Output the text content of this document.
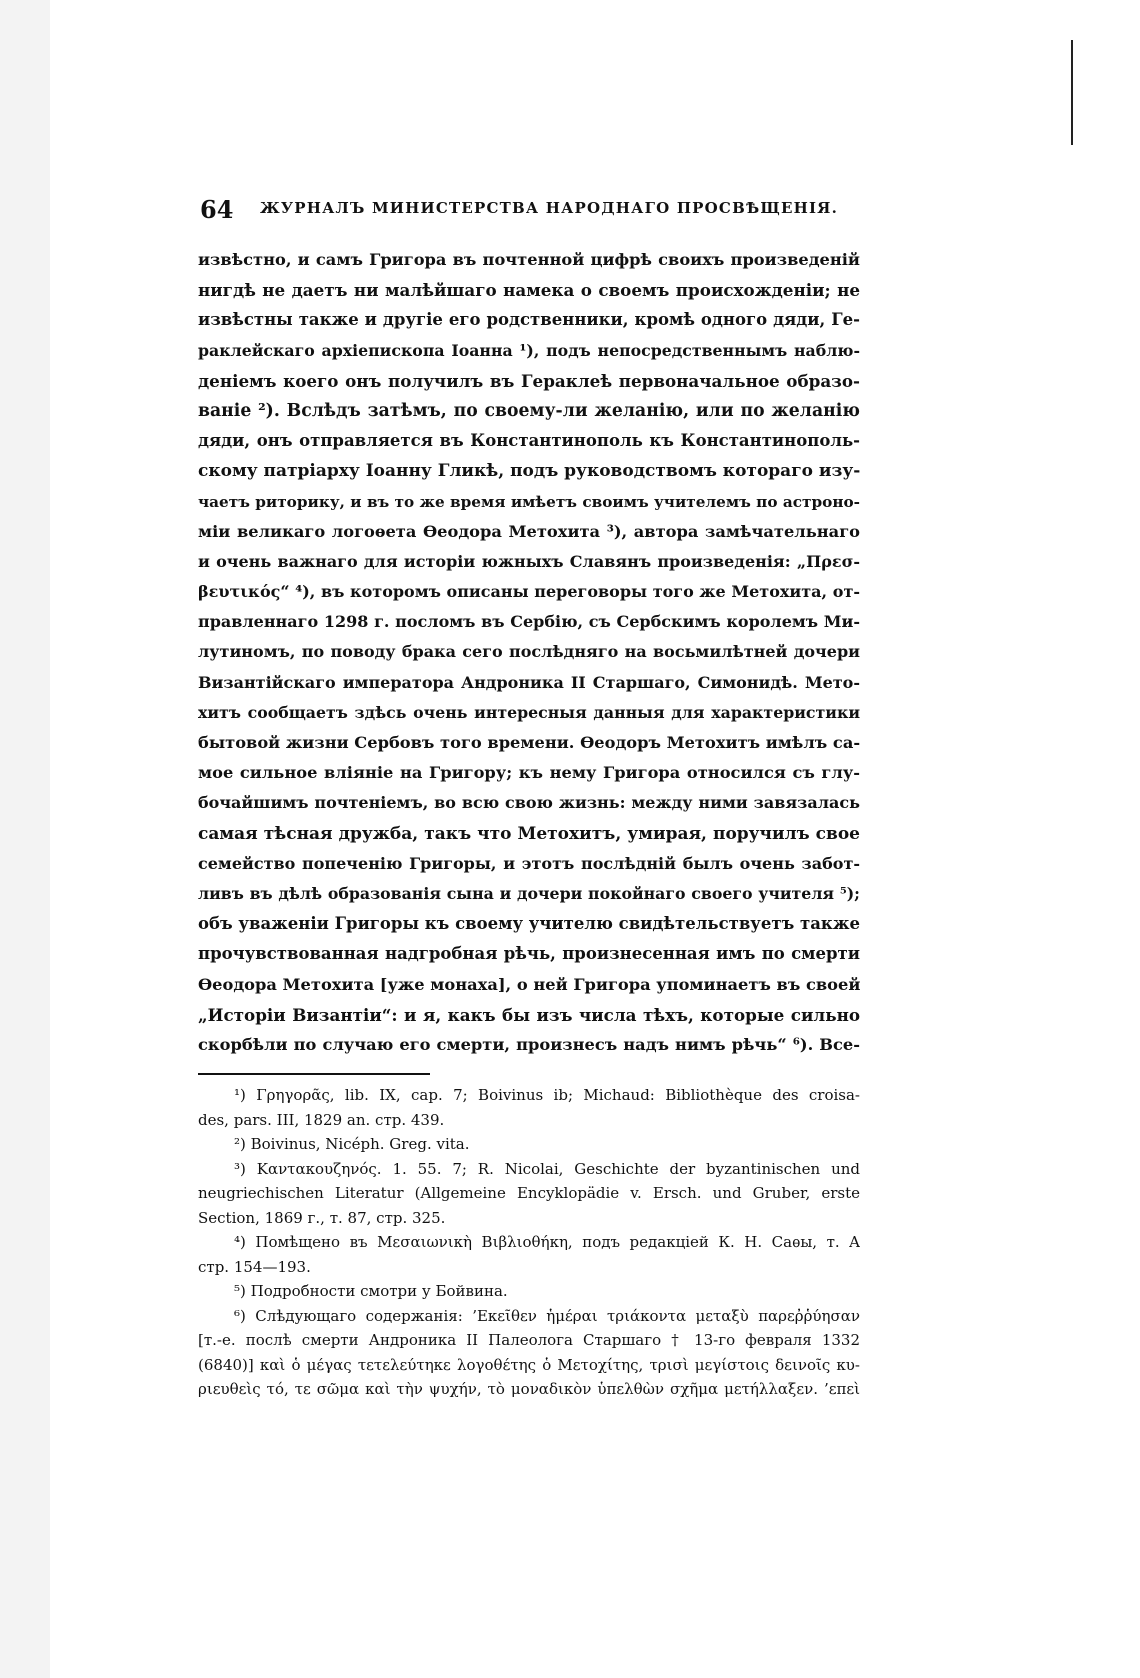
64 ЖУРНАЛЪ МИНИСТЕРСТВА НАРОДНАГО ПРОСВѢЩЕНІЯ.
извѣстно, и самъ Григора въ почтенной цифрѣ своихъ произведеній
нигдѣ не даетъ ни малѣйшаго намека о своемъ происхожденіи; не
извѣстны также и другіе его родственники, кромѣ одного дяди, Ге-
раклейскаго архіепископа Іоанна ¹), подъ непосредственнымъ наблю-
деніемъ коего онъ получилъ въ Гераклеѣ первоначальное образо-
ваніе ²). Вслѣдъ затѣмъ, по своему-ли желанію, или по желанію
дяди, онъ отправляется въ Константинополь къ Константинополь-
скому патріарху Іоанну Гликѣ, подъ руководствомъ котораго изу-
чаетъ риторику, и въ то же время имѣетъ своимъ учителемъ по астроно-
міи великаго логоѳета Ѳеодора Метохита ³), автора замѣчательнаго
и очень важнаго для исторіи южныхъ Славянъ произведенія: „Πρεσ-
βευτικός“ ⁴), въ которомъ описаны переговоры того же Метохита, от-
правленнаго 1298 г. посломъ въ Сербію, съ Сербскимъ королемъ Ми-
лутиномъ, по поводу брака сего послѣдняго на восьмилѣтней дочери
Византійскаго императора Андроника II Старшаго, Симонидѣ. Мето-
хитъ сообщаетъ здѣсь очень интересныя данныя для характеристики
бытовой жизни Сербовъ того времени. Ѳеодоръ Метохитъ имѣлъ са-
мое сильное вліяніе на Григору; къ нему Григора относился съ глу-
бочайшимъ почтеніемъ, во всю свою жизнь: между ними завязалась
самая тѣсная дружба, такъ что Метохитъ, умирая, поручилъ свое
семейство попеченію Григоры, и этотъ послѣдній былъ очень забот-
ливъ въ дѣлѣ образованія сына и дочери покойнаго своего учителя ⁵);
объ уваженіи Григоры къ своему учителю свидѣтельствуетъ также
прочувствованная надгробная рѣчь, произнесенная имъ по смерти
Ѳеодора Метохита [уже монаха], о ней Григора упоминаетъ въ своей
„Исторіи Византіи“: и я, какъ бы изъ числа тѣхъ, которые сильно
скорбѣли по случаю его смерти, произнесъ надъ нимъ рѣчь“ ⁶). Все-
¹) Γρηγορᾶς, lib. IX, cap. 7; Boivinus ib; Michaud: Bibliothèque des croisa-
des, pars. III, 1829 an. стр. 439.
²) Boivinus, Nicéph. Greg. vita.
³) Καντακουζηνός. 1. 55. 7; R. Nicolai, Geschichte der byzantinischen und
neugriechischen Literatur (Allgemeine Encyklopädie v. Ersch. und Gruber, erste
Section, 1869 г., т. 87, стр. 325.
⁴) Помѣщено въ Μεσαιωνικὴ Βιβλιοθήκη, подъ редакціей К. Н. Саѳы, т. Α
стр. 154—193.
⁵) Подробности смотри у Бойвина.
⁶) Слѣдующаго содержанія: ’Εκεῖθεν ἡμέραι τριάκοντα μεταξὺ παρεῤῥύησαν
[т.-е. послѣ смерти Андроника II Палеолога Старшаго † 13-го февраля 1332
(6840)] καὶ ὁ μέγας τετελεύτηκε λογοθέτης ὁ Μετοχίτης, τρισὶ μεγίστοις δεινοῖς κυ-
ριευθεὶς τό, τε σῶμα καὶ τὴν ψυχήν, τὸ μοναδικὸν ὑπελθὼν σχῆμα μετήλλαξεν. ’επεὶ
